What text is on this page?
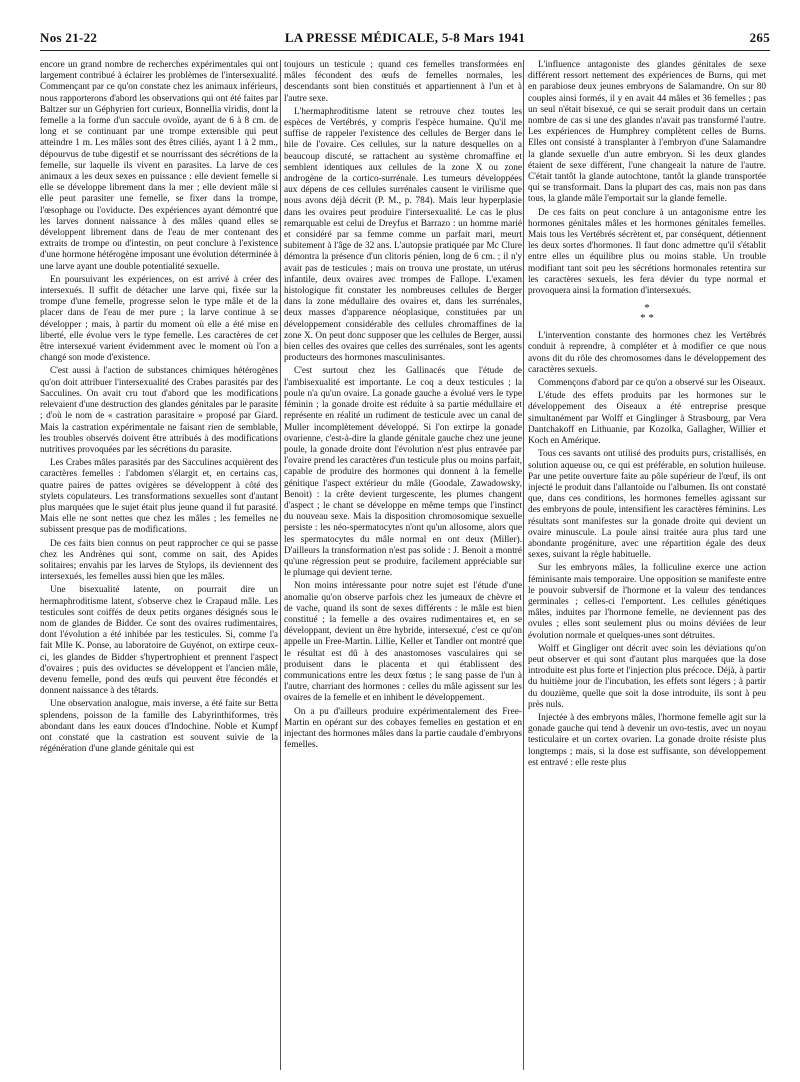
Nos 21-22	LA PRESSE MÉDICALE, 5-8 Mars 1941	265

encore un grand nombre de recherches expérimentales qui ont largement contribué à éclairer les problèmes de l'intersexualité. Commençant par ce qu'on constate chez les animaux inférieurs, nous rapporterons d'abord les observations qui ont été faites par Baltzer sur un Géphyrien fort curieux, Bonnellia viridis, dont la femelle a la forme d'un saccule ovoïde, ayant de 6 à 8 cm. de long et se continuant par une trompe extensible qui peut atteindre 1 m. Les mâles sont des êtres ciliés, ayant 1 à 2 mm., dépourvus de tube digestif et se nourrissant des sécrétions de la femelle, sur laquelle ils vivent en parasites. La larve de ces animaux a les deux sexes en puissance : elle devient femelle si elle se développe librement dans la mer ; elle devient mâle si elle peut parasiter une femelle, se fixer dans la trompe, l'œsophage ou l'oviducte. Des expériences ayant démontré que les larves donnent naissance à des mâles quand elles se développent librement dans de l'eau de mer contenant des extraits de trompe ou d'intestin, on peut conclure à l'existence d'une hormone hétérogène imposant une évolution déterminée à une larve ayant une double potentialité sexuelle.

En poursuivant les expériences, on est arrivé à créer des intersexués. Il suffit de détacher une larve qui, fixée sur la trompe d'une femelle, progresse selon le type mâle et de la placer dans de l'eau de mer pure ; la larve continue à se développer ; mais, à partir du moment où elle a été mise en liberté, elle évolue vers le type femelle. Les caractères de cet être intersexué varient évidemment avec le moment où l'on a changé son mode d'existence.

C'est aussi à l'action de substances chimiques hétérogènes qu'on doit attribuer l'intersexualité des Crabes parasités par des Sacculines. On avait cru tout d'abord que les modifications relevaient d'une destruction des glandes génitales par le parasite ; d'où le nom de « castration parasitaire » proposé par Giard. Mais la castration expérimentale ne faisant rien de semblable, les troubles observés doivent être attribués à des modifications nutritives provoquées par les sécrétions du parasite.

Les Crabes mâles parasités par des Sacculines acquièrent des caractères femelles : l'abdomen s'élargit et, en certains cas, quatre paires de pattes ovigères se développent à côté des stylets copulateurs. Les transformations sexuelles sont d'autant plus marquées que le sujet était plus jeune quand il fut parasité. Mais elle ne sont nettes que chez les mâles ; les femelles ne subissent presque pas de modifications.

De ces faits bien connus on peut rapprocher ce qui se passe chez les Andrènes qui sont, comme on sait, des Apides solitaires; envahis par les larves de Stylops, ils deviennent des intersexués, les femelles aussi bien que les mâles.

Une bisexualité latente, on pourrait dire un hermaphroditisme latent, s'observe chez le Crapaud mâle. Les testicules sont coiffés de deux petits organes désignés sous le nom de glandes de Bidder. Ce sont des ovaires rudimentaires, dont l'évolution a été inhibée par les testicules. Si, comme l'a fait Mlle K. Ponse, au laboratoire de Guyénot, on extirpe ceux-ci, les glandes de Bidder s'hypertrophient et prennent l'aspect d'ovaires ; puis des oviductes se développent et l'ancien mâle, devenu femelle, pond des œufs qui peuvent être fécondés et donnent naissance à des têtards.

Une observation analogue, mais inverse, a été faite sur Betta splendens, poisson de la famille des Labyrinthiformes, très abondant dans les eaux douces d'Indochine. Noble et Kumpf ont constaté que la castration est souvent suivie de la régénération d'une glande génitale qui est

toujours un testicule ; quand ces femelles transformées en mâles fécondent des œufs de femelles normales, les descendants sont bien constitués et appartiennent à l'un et à l'autre sexe.

L'hermaphroditisme latent se retrouve chez toutes les espèces de Vertébrés, y compris l'espèce humaine. Qu'il me suffise de rappeler l'existence des cellules de Berger dans le hile de l'ovaire. Ces cellules, sur la nature desquelles on a beaucoup discuté, se rattachent au système chromaffine et semblent identiques aux cellules de la zone X ou zone androgène de la cortico-surrénale. Les tumeurs développées aux dépens de ces cellules surrénales causent le virilisme que nous avons déjà décrit (P. M., p. 784). Mais leur hyperplasie dans les ovaires peut produire l'intersexualité. Le cas le plus remarquable est celui de Dreyfus et Barrazo : un homme marié et considéré par sa femme comme un parfait mari, meurt subitement à l'âge de 32 ans. L'autopsie pratiquée par Mc Clure démontra la présence d'un clitoris pénien, long de 6 cm. ; il n'y avait pas de testicules ; mais on trouva une prostate, un utérus infantile, deux ovaires avec trompes de Fallope. L'examen histologique fit constater les nombreuses cellules de Berger dans la zone médullaire des ovaires et, dans les surrénales, deux masses d'apparence néoplasique, constituées par un développement considérable des cellules chromaffines de la zone X. On peut donc supposer que les cellules de Berger, aussi bien celles des ovaires que celles des surrénales, sont les agents producteurs des hormones masculinisantes.

C'est surtout chez les Gallinacés que l'étude de l'ambisexualité est importante. Le coq a deux testicules ; la poule n'a qu'un ovaire. La gonade gauche a évolué vers le type féminin ; la gonade droite est réduite à sa partie médullaire et représente en réalité un rudiment de testicule avec un canal de Muller incomplètement développé. Si l'on extirpe la gonade ovarienne, c'est-à-dire la glande génitale gauche chez une jeune poule, la gonade droite dont l'évolution n'est plus entravée par l'ovaire prend les caractères d'un testicule plus ou moins parfait, capable de produire des hormones qui donnent à la femelle génitique l'aspect extérieur du mâle (Goodale, Zawadowsky, Benoit) : la crête devient turgescente, les plumes changent d'aspect ; le chant se développe en même temps que l'instinct du nouveau sexe. Mais la disposition chromosomique sexuelle persiste : les néo-spermatocytes n'ont qu'un allosome, alors que les spermatocytes du mâle normal en ont deux (Miller). D'ailleurs la transformation n'est pas solide : J. Benoit a montré qu'une régression peut se produire, facilement appréciable sur le plumage qui devient terne.

Non moins intéressante pour notre sujet est l'étude d'une anomalie qu'on observe parfois chez les jumeaux de chèvre et de vache, quand ils sont de sexes différents : le mâle est bien constitué ; la femelle a des ovaires rudimentaires et, en se développant, devient un être hybride, intersexué, c'est ce qu'on appelle un Free-Martin. Lillie, Keller et Tandler ont montré que le résultat est dû à des anastomoses vasculaires qui se produisent dans le placenta et qui établissent des communications entre les deux fœtus ; le sang passe de l'un à l'autre, charriant des hormones : celles du mâle agissent sur les ovaires de la femelle et en inhibent le développement.

On a pu d'ailleurs produire expérimentalement des Free-Martin en opérant sur des cobayes femelles en gestation et en injectant des hormones mâles dans la partie caudale d'embryons femelles.

L'influence antagoniste des glandes génitales de sexe différent ressort nettement des expériences de Burns, qui met en parabiose deux jeunes embryons de Salamandre. On sur 80 couples ainsi formés, il y en avait 44 mâles et 36 femelles ; pas un seul n'était bisexué, ce qui se serait produit dans un certain nombre de cas si une des glandes n'avait pas transformé l'autre. Les expériences de Humphrey complètent celles de Burns. Elles ont consisté à transplanter à l'embryon d'une Salamandre la glande sexuelle d'un autre embryon. Si les deux glandes étaient de sexe différent, l'une changeait la nature de l'autre. C'était tantôt la glande autochtone, tantôt la glande transportée qui se transformait. Dans la plupart des cas, mais non pas dans tous, la glande mâle l'emportait sur la glande femelle.

De ces faits on peut conclure à un antagonisme entre les hormones génitales mâles et les hormones génitales femelles. Mais tous les Vertébrés sécrètent et, par conséquent, détiennent les deux sortes d'hormones. Il faut donc admettre qu'il s'établit entre elles un équilibre plus ou moins stable. Un trouble modifiant tant soit peu les sécrétions hormonales retentira sur les caractères sexuels, les fera dévier du type normal et provoquera ainsi la formation d'intersexués.

*
* *

L'intervention constante des hormones chez les Vertébrés conduit à reprendre, à compléter et à modifier ce que nous avons dit du rôle des chromosomes dans le développement des caractères sexuels.

Commençons d'abord par ce qu'on a observé sur les Oiseaux.

L'étude des effets produits par les hormones sur le développement des Oiseaux a été entreprise presque simultanément par Wolff et Ginglinger à Strasbourg, par Vera Dantchakoff en Lithuanie, par Kozolka, Gallagher, Willier et Koch en Amérique.

Tous ces savants ont utilisé des produits purs, cristallisés, en solution aqueuse ou, ce qui est préférable, en solution huileuse. Par une petite ouverture faite au pôle supérieur de l'œuf, ils ont injecté le produit dans l'allantoïde ou l'albumen. Ils ont constaté que, dans ces conditions, les hormones femelles agissant sur des embryons de poule, intensifient les caractères féminins. Les résultats sont manifestes sur la gonade droite qui devient un ovaire minuscule. La poule ainsi traitée aura plus tard une abondante progéniture, avec une répartition égale des deux sexes, suivant la règle habituelle.

Sur les embryons mâles, la folliculine exerce une action féminisante mais temporaire. Une opposition se manifeste entre le pouvoir subversif de l'hormone et la valeur des tendances germinales ; celles-ci l'emportent. Les cellules génétiques mâles, induites par l'hormone femelle, ne deviennent pas des ovules ; elles sont seulement plus ou moins déviées de leur évolution normale et quelques-unes sont détruites.

Wolff et Gingliger ont décrit avec soin les déviations qu'on peut observer et qui sont d'autant plus marquées que la dose introduite est plus forte et l'injection plus précoce. Déjà, à partir du huitième jour de l'incubation, les effets sont légers ; à partir du douzième, quelle que soit la dose introduite, ils sont à peu près nuls.

Injectée à des embryons mâles, l'hormone femelle agit sur la gonade gauche qui tend à devenir un ovo-testis, avec un noyau testiculaire et un cortex ovarien. La gonade droite résiste plus longtemps ; mais, si la dose est suffisante, son développement est entravé : elle reste plus
